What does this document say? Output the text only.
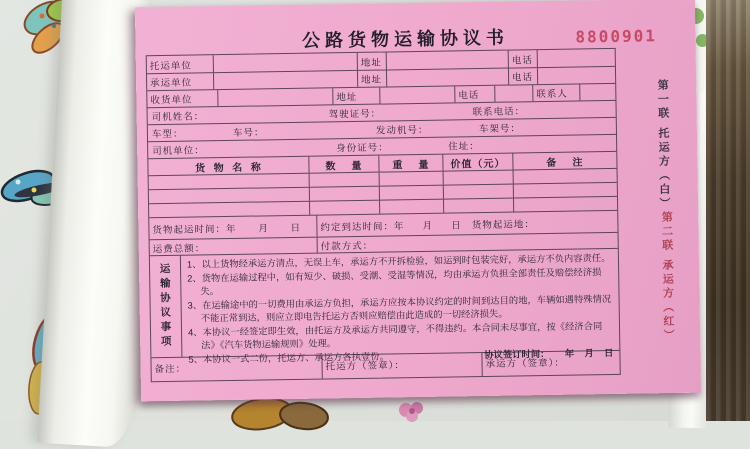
公路货物运输协议书	8800901
托运单位	地址	电话
承运单位	地址	电话
收货单位	地址	电话	联系人
司机姓名：	驾驶证号：	联系电话：
车型：	车号：	发动机号：	车架号：
司机单位：	身份证号：	住址：
货  物  名  称	数    量	重    量	价值（元）	备    注
货物起运时间： 年      月      日 约定到达时间： 年     月     日 货物起运地：
运费总额：	付款方式：
运输协议事项
1、以上货物经承运方清点，无误上车，承运方不开拆检验，如运到时包装完好，承运方不负内容责任。
2、货物在运输过程中，如有短少、破损、受潮、受湿等情况，均由承运方负担全部责任及赔偿经济损失。
3、在运输途中的一切费用由承运方负担，承运方应按本协议约定的时间到达目的地，车辆如遇特殊情况不能正常到达，则应立即电告托运方否则应赔偿由此造成的一切经济损失。
4、本协议一经签定即生效，由托运方及承运方共同遵守，不得违约。本合同未尽事宜，按《经济合同法》《汽车货物运输规则》处理。
5、本协议一式二份，托运方、承运方各执壹份。	协议签订时间：      年    月    日
备注：	托运方（签章）：	承运方（签章）：
第一联 托运方（白）
第二联 承运方（红）
